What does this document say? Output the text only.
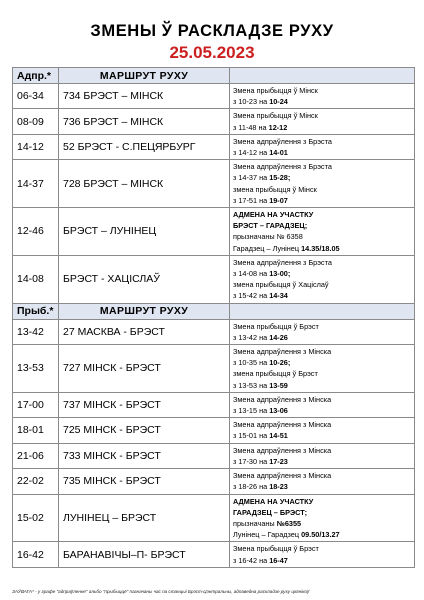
ЗМЕНЫ Ў РАСКЛАДЗЕ РУХУ
25.05.2023
Адпр.*	МАРШРУТ РУХУ	
06-34	734 БРЭСТ – МІНСК	Змена прыбыцця ў Мінск
з 10-23 на 10-24

08-09	736 БРЭСТ – МІНСК	Змена прыбыцця ў Мінск
з 11-48 на 12-12

14-12	52 БРЭСТ - С.ПЕЦЯРБУРГ	Змена адпраўлення з Брэста
з 14-12 на 14-01

14-37	728 БРЭСТ – МІНСК	Змена адпраўлення з Брэста
з 14-37 на 15-28;
змена прыбыцця ў Мінск
з 17-51 на 19-07

12-46	БРЭСТ – ЛУНІНЕЦ	АДМЕНА НА УЧАСТКУ
БРЭСТ – ГАРАДЗЕЦ;
прызначаны № 6358
Гарадзец – Лунінец 14.35/18.05

14-08	БРЭСТ - ХАЦІСЛАЎ	Змена адпраўлення з Брэста
з 14-08 на 13-00;
змена прыбыцця ў Хаціслаў
з 15-42 на 14-34

Прыб.*	МАРШРУТ РУХУ	
13-42	27 МАСКВА - БРЭСТ	Змена прыбыцця ў Брэст
з 13-42 на 14-26

13-53	727 МІНСК - БРЭСТ	Змена адпраўлення з Мінска
з 10-35 на 10-26;
змена прыбыцця ў Брэст
з 13-53 на 13-59

17-00	737 МІНСК - БРЭСТ	Змена адпраўлення з Мінска
з 13-15 на 13-06

18-01	725 МІНСК - БРЭСТ	Змена адпраўлення з Мінска
з 15-01 на 14-51

21-06	733 МІНСК - БРЭСТ	Змена адпраўлення з Мінска
з 17-30 на 17-23

22-02	735 МІНСК - БРЭСТ	Змена адпраўлення з Мінска
з 18-26 на 18-23

15-02	ЛУНІНЕЦ – БРЭСТ	АДМЕНА НА УЧАСТКУ
ГАРАДЗЕЦ – БРЭСТ;
прызначаны №6355
Лунінец – Гарадзец 09.50/13.27

16-42	БАРАНАВІЧЫ–П- БРЭСТ	Змена прыбыцця ў Брэст
з 16-42 на 16-47
ЗАЎВАГА* - у графе "адпраўленне" альбо "прыбыццё" пазначаны час па станцыі Брэст-Цэнтральны, адпаведна раскладзе руху цягнікоў
